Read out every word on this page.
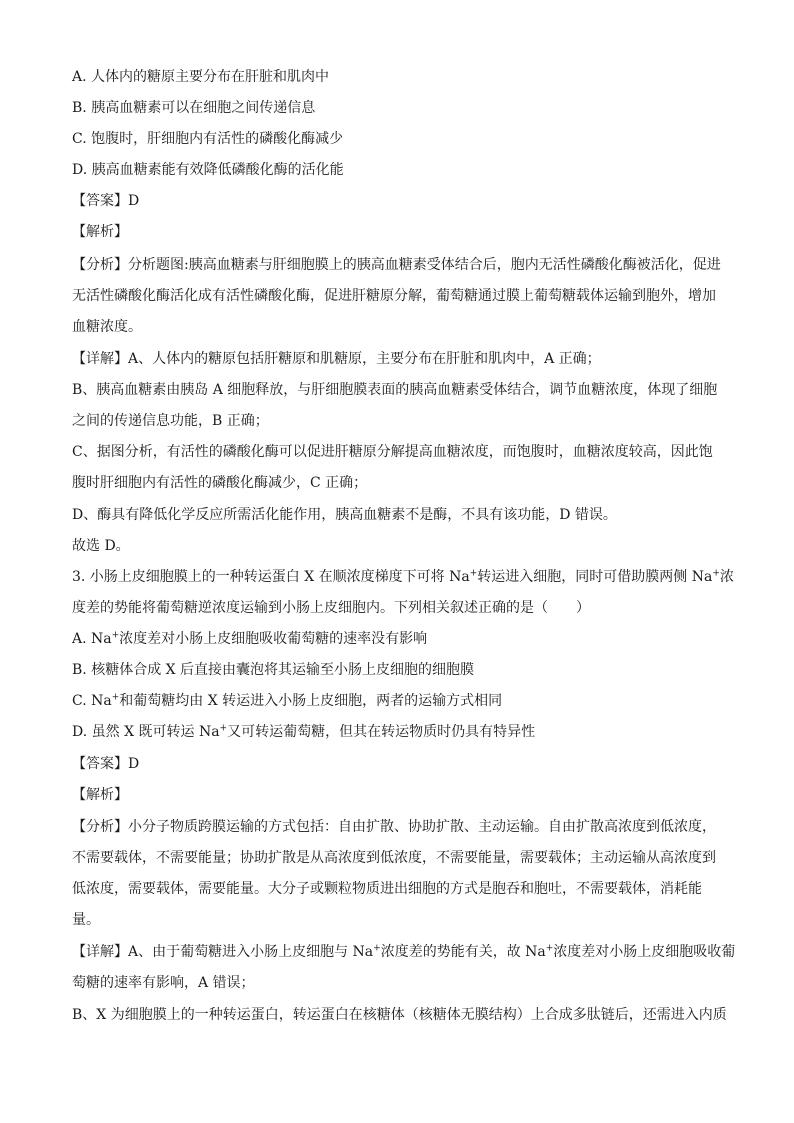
A. 人体内的糖原主要分布在肝脏和肌肉中
B. 胰高血糖素可以在细胞之间传递信息
C. 饱腹时，肝细胞内有活性的磷酸化酶减少
D. 胰高血糖素能有效降低磷酸化酶的活化能
【答案】D
【解析】
【分析】分析题图:胰高血糖素与肝细胞膜上的胰高血糖素受体结合后，胞内无活性磷酸化酶被活化，促进
无活性磷酸化酶活化成有活性磷酸化酶，促进肝糖原分解，葡萄糖通过膜上葡萄糖载体运输到胞外，增加
血糖浓度。
【详解】A、人体内的糖原包括肝糖原和肌糖原，主要分布在肝脏和肌肉中，A 正确；
B、胰高血糖素由胰岛 A 细胞释放，与肝细胞膜表面的胰高血糖素受体结合，调节血糖浓度，体现了细胞
之间的传递信息功能，B 正确；
C、据图分析，有活性的磷酸化酶可以促进肝糖原分解提高血糖浓度，而饱腹时，血糖浓度较高，因此饱
腹时肝细胞内有活性的磷酸化酶减少，C 正确；
D、酶具有降低化学反应所需活化能作用，胰高血糖素不是酶，不具有该功能，D 错误。
故选 D。
3. 小肠上皮细胞膜上的一种转运蛋白 X 在顺浓度梯度下可将 Na+转运进入细胞，同时可借助膜两侧 Na+浓
度差的势能将葡萄糖逆浓度运输到小肠上皮细胞内。下列相关叙述正确的是（　　）
A. Na+浓度差对小肠上皮细胞吸收葡萄糖的速率没有影响
B. 核糖体合成 X 后直接由囊泡将其运输至小肠上皮细胞的细胞膜
C. Na+和葡萄糖均由 X 转运进入小肠上皮细胞，两者的运输方式相同
D. 虽然 X 既可转运 Na+又可转运葡萄糖，但其在转运物质时仍具有特异性
【答案】D
【解析】
【分析】小分子物质跨膜运输的方式包括：自由扩散、协助扩散、主动运输。自由扩散高浓度到低浓度，
不需要载体，不需要能量；协助扩散是从高浓度到低浓度，不需要能量，需要载体；主动运输从高浓度到
低浓度，需要载体，需要能量。大分子或颗粒物质进出细胞的方式是胞吞和胞吐，不需要载体，消耗能
量。
【详解】A、由于葡萄糖进入小肠上皮细胞与 Na+浓度差的势能有关，故 Na+浓度差对小肠上皮细胞吸收葡
萄糖的速率有影响，A 错误；
B、X 为细胞膜上的一种转运蛋白，转运蛋白在核糖体（核糖体无膜结构）上合成多肽链后，还需进入内质
